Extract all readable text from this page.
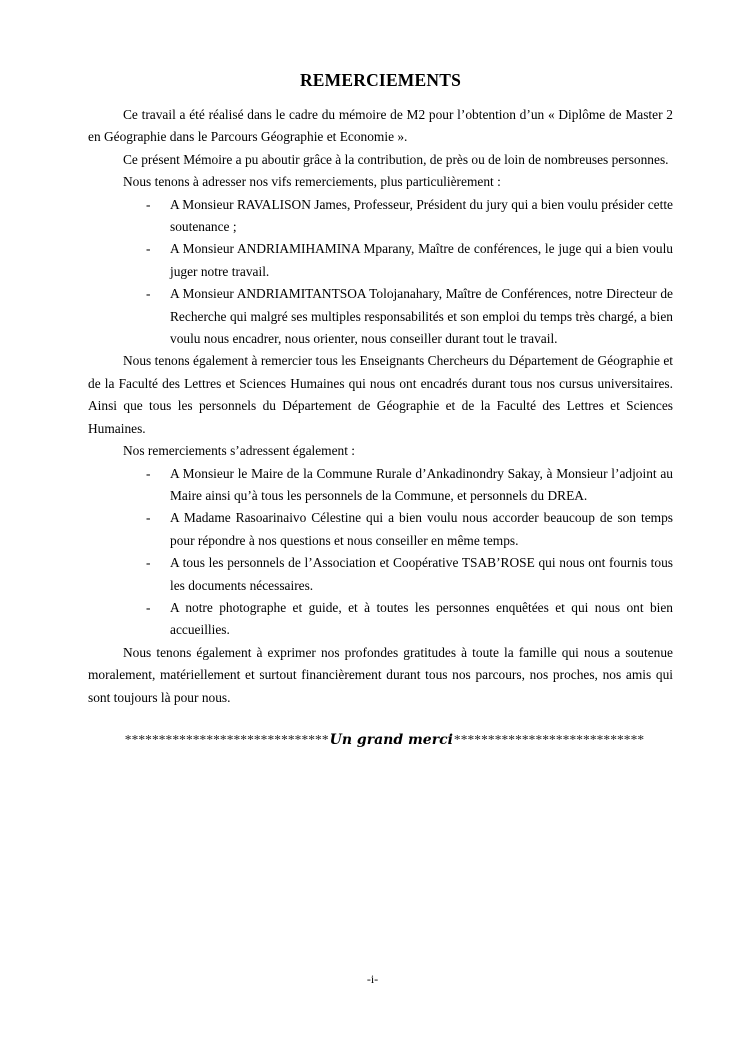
REMERCIEMENTS

Ce travail a été réalisé dans le cadre du mémoire de M2 pour l’obtention d’un « Diplôme de Master 2 en Géographie dans le Parcours Géographie et Economie ».

Ce présent Mémoire a pu aboutir grâce à la contribution, de près ou de loin de nombreuses personnes.

Nous tenons à adresser nos vifs remerciements, plus particulièrement :

- A Monsieur RAVALISON James, Professeur, Président du jury qui a bien voulu présider cette soutenance ;
- A Monsieur ANDRIAMIHAMINA Mparany, Maître de conférences, le juge qui a bien voulu juger notre travail.
- A Monsieur ANDRIAMITANTSOA Tolojanahary, Maître de Conférences, notre Directeur de Recherche qui malgré ses multiples responsabilités et son emploi du temps très chargé, a bien voulu nous encadrer, nous orienter, nous conseiller durant tout le travail.

Nous tenons également à remercier tous les Enseignants Chercheurs du Département de Géographie et de la Faculté des Lettres et Sciences Humaines qui nous ont encadrés durant tous nos cursus universitaires. Ainsi que tous les personnels du Département de Géographie et de la Faculté des Lettres et Sciences Humaines.

Nos remerciements s’adressent également :

- A Monsieur le Maire de la Commune Rurale d’Ankadinondry Sakay, à Monsieur l’adjoint au Maire ainsi qu’à tous les personnels de la Commune, et personnels du DREA.
- A Madame Rasoarinaivo Célestine qui a bien voulu nous accorder beaucoup de son temps pour répondre à nos questions et nous conseiller en même temps.
- A tous les personnels de l’Association et Coopérative TSAB’ROSE qui nous ont fournis tous les documents nécessaires.
- A notre photographe et guide, et à toutes les personnes enquêtées et qui nous ont bien accueillies.

Nous tenons également à exprimer nos profondes gratitudes à toute la famille qui nous a soutenue moralement, matériellement et surtout financièrement durant tous nos parcours, nos proches, nos amis qui sont toujours là pour nous.

******************************Un grand merci****************************
-i-
